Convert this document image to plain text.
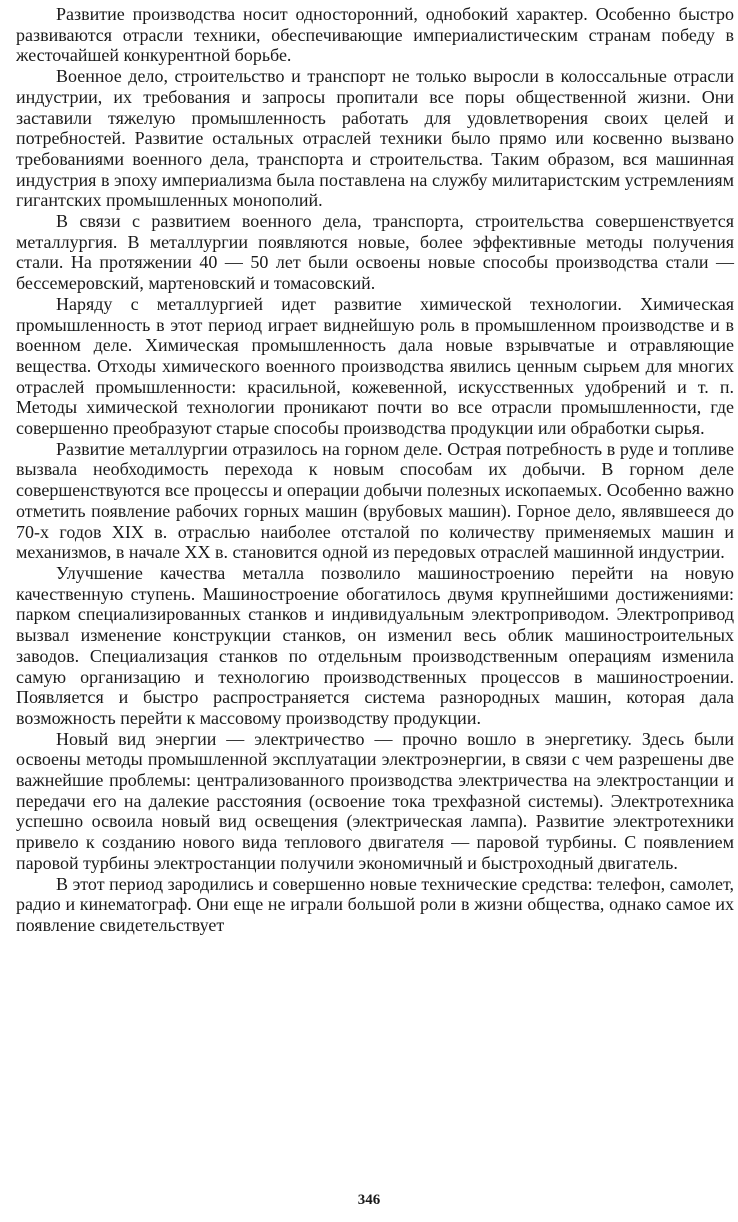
Развитие производства носит односторонний, однобокий характер. Особенно быстро развиваются отрасли техники, обеспечивающие империалистическим странам победу в жесточайшей конкурентной борьбе.

Военное дело, строительство и транспорт не только выросли в колоссальные отрасли индустрии, их требования и запросы пропитали все поры общественной жизни. Они заставили тяжелую промышленность работать для удовлетворения своих целей и потребностей. Развитие остальных отраслей техники было прямо или косвенно вызвано требованиями военного дела, транспорта и строительства. Таким образом, вся машинная индустрия в эпоху империализма была поставлена на службу милитаристским устремлениям гигантских промышленных монополий.

В связи с развитием военного дела, транспорта, строительства совершенствуется металлургия. В металлургии появляются новые, более эффективные методы получения стали. На протяжении 40 — 50 лет были освоены новые способы производства стали — бессемеровский, мартеновский и томасовский.

Наряду с металлургией идет развитие химической технологии. Химическая промышленность в этот период играет виднейшую роль в промышленном производстве и в военном деле. Химическая промышленность дала новые взрывчатые и отравляющие вещества. Отходы химического военного производства явились ценным сырьем для многих отраслей промышленности: красильной, кожевенной, искусственных удобрений и т. п. Методы химической технологии проникают почти во все отрасли промышленности, где совершенно преобразуют старые способы производства продукции или обработки сырья.

Развитие металлургии отразилось на горном деле. Острая потребность в руде и топливе вызвала необходимость перехода к новым способам их добычи. В горном деле совершенствуются все процессы и операции добычи полезных ископаемых. Особенно важно отметить появление рабочих горных машин (врубовых машин). Горное дело, являвшееся до 70-х годов XIX в. отраслью наиболее отсталой по количеству применяемых машин и механизмов, в начале XX в. становится одной из передовых отраслей машинной индустрии.

Улучшение качества металла позволило машиностроению перейти на новую качественную ступень. Машиностроение обогатилось двумя крупнейшими достижениями: парком специализированных станков и индивидуальным электроприводом. Электропривод вызвал изменение конструкции станков, он изменил весь облик машиностроительных заводов. Специализация станков по отдельным производственным операциям изменила самую организацию и технологию производственных процессов в машиностроении. Появляется и быстро распространяется система разнородных машин, которая дала возможность перейти к массовому производству продукции.

Новый вид энергии — электричество — прочно вошло в энергетику. Здесь были освоены методы промышленной эксплуатации электроэнергии, в связи с чем разрешены две важнейшие проблемы: централизованного производства электричества на электростанции и передачи его на далекие расстояния (освоение тока трехфазной системы). Электротехника успешно освоила новый вид освещения (электрическая лампа). Развитие электротехники привело к созданию нового вида теплового двигателя — паровой турбины. С появлением паровой турбины электростанции получили экономичный и быстроходный двигатель.

В этот период зародились и совершенно новые технические средства: телефон, самолет, радио и кинематограф. Они еще не играли большой роли в жизни общества, однако самое их появление свидетельствует

346
